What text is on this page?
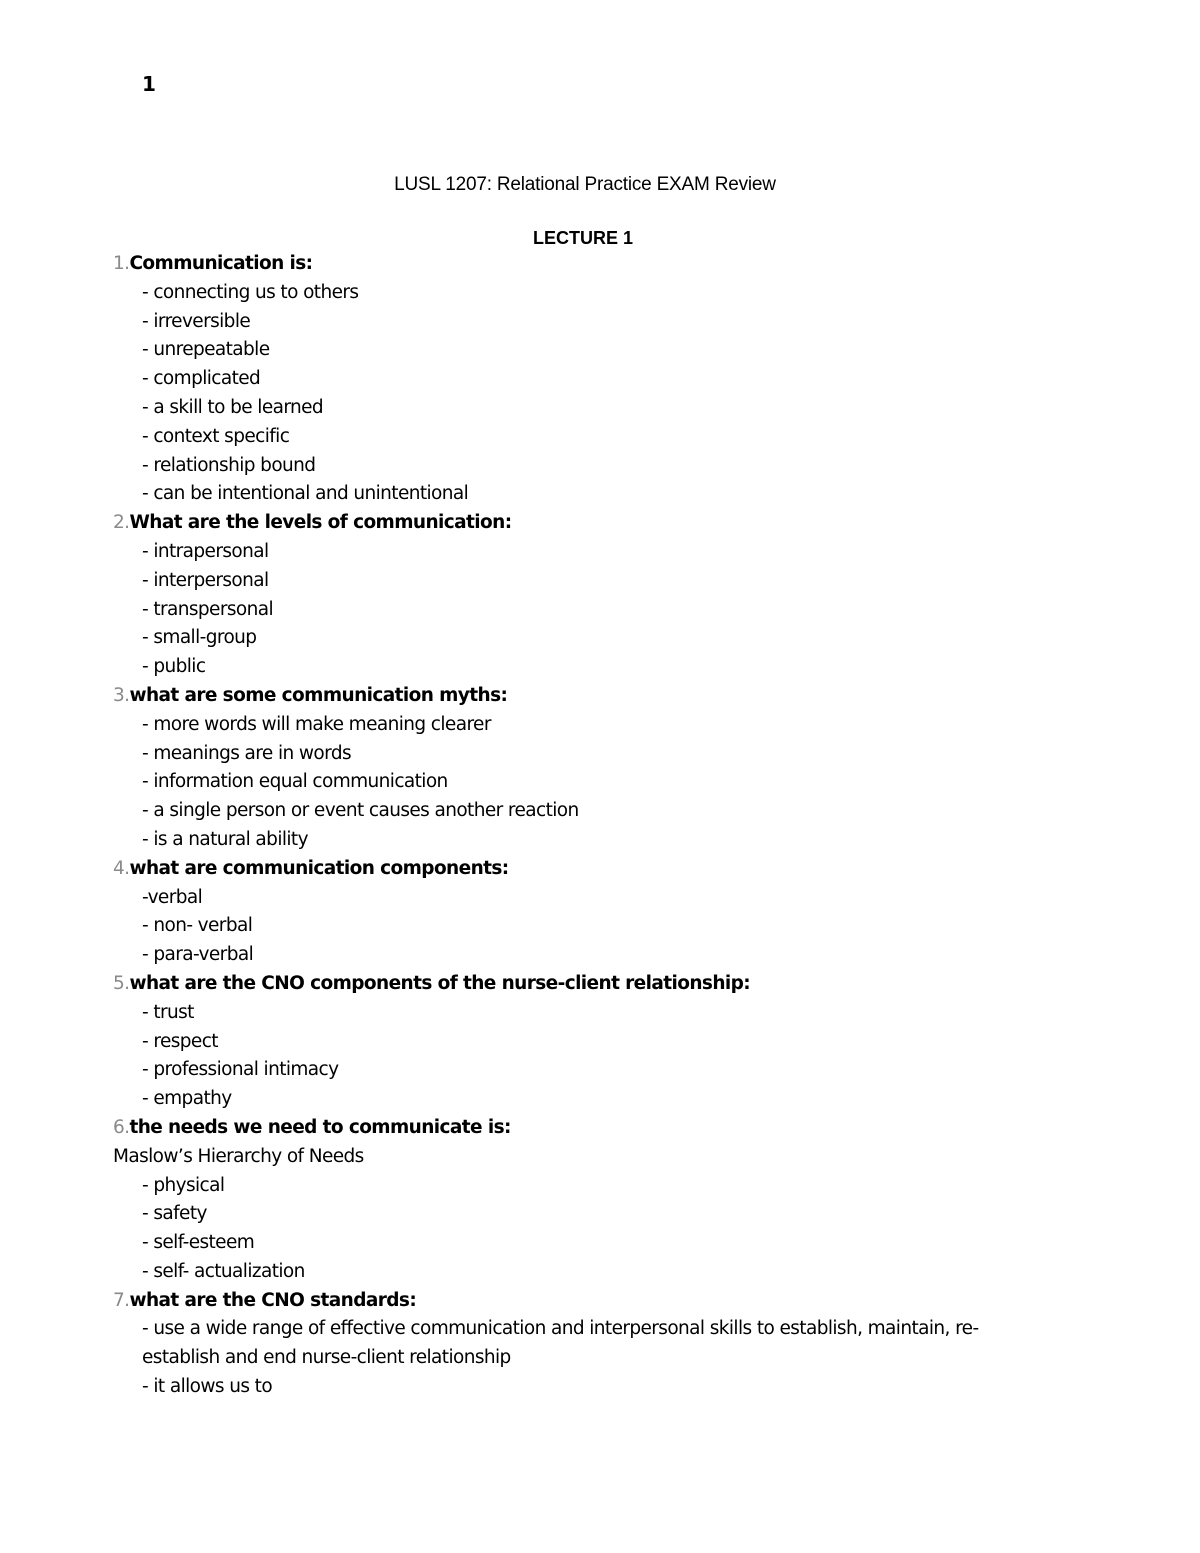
1
LUSL 1207: Relational Practice EXAM Review
LECTURE 1
1.Communication is:
- connecting us to others
- irreversible
- unrepeatable
- complicated
- a skill to be learned
- context specific
- relationship bound
- can be intentional and unintentional
2.What are the levels of communication:
- intrapersonal
- interpersonal
- transpersonal
- small-group
- public
3.what are some communication myths:
- more words will make meaning clearer
- meanings are in words
- information equal communication
- a single person or event causes another reaction
- is a natural ability
4.what are communication components:
-verbal
- non- verbal
- para-verbal
5.what are the CNO components of the nurse-client relationship:
- trust
- respect
- professional intimacy
- empathy
6.the needs we need to communicate is:
Maslow’s Hierarchy of Needs
- physical
- safety
- self-esteem
- self- actualization
7.what are the CNO standards:
- use a wide range of effective communication and interpersonal skills to establish, maintain, re-establish and end nurse-client relationship
- it allows us to
